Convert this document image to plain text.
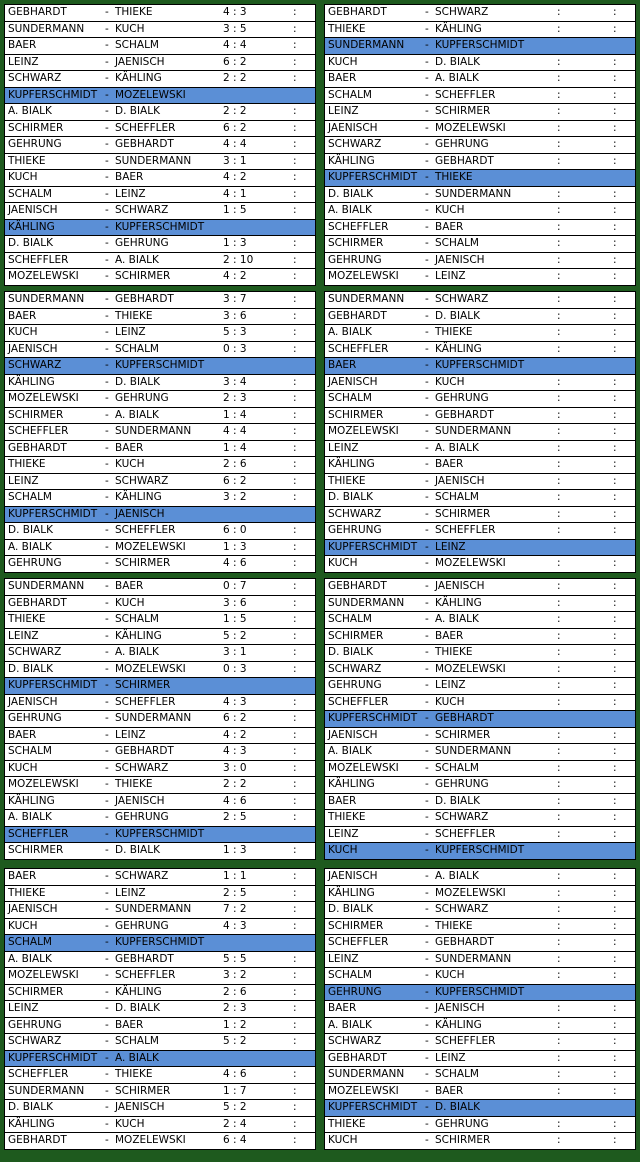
GEBHARDT	- THIEKE	4 : 3	:
SUNDERMANN - KUCH	3 : 5	:
BAER	- SCHALM	4 : 4	:
LEINZ	- JAENISCH	6 : 2	:
SCHWARZ	- KÄHLING	2 : 2	:
KUPFERSCHMIDT - MOZELEWSKI
A. BIALK	- D. BIALK	2 : 2	:
SCHIRMER	- SCHEFFLER	6 : 2	:
GEHRUNG	- GEBHARDT	4 : 4	:
THIEKE	- SUNDERMANN	3 : 1	:
KUCH	- BAER	4 : 2	:
SCHALM	- LEINZ	4 : 1	:
JAENISCH	- SCHWARZ	1 : 5	:
KÄHLING	- KUPFERSCHMIDT
D. BIALK	- GEHRUNG	1 : 3	:
SCHEFFLER	- A. BIALK	2 : 10	:
MOZELEWSKI	- SCHIRMER	4 : 2	:
GEBHARDT	- SCHWARZ	:	:
THIEKE	- KÄHLING	:	:
SUNDERMANN - KUPFERSCHMIDT
KUCH	- D. BIALK	:	:
BAER	- A. BIALK	:	:
SCHALM	- SCHEFFLER	:	:
LEINZ	- SCHIRMER	:	:
JAENISCH	- MOZELEWSKI	:	:
SCHWARZ	- GEHRUNG	:	:
KÄHLING	- GEBHARDT	:	:
KUPFERSCHMIDT - THIEKE
D. BIALK	- SUNDERMANN	:	:
A. BIALK	- KUCH	:	:
SCHEFFLER	- BAER	:	:
SCHIRMER	- SCHALM	:	:
GEHRUNG	- JAENISCH	:	:
MOZELEWSKI	- LEINZ	:	:
SUNDERMANN - GEBHARDT	3 : 7	:
BAER	- THIEKE	3 : 6	:
KUCH	- LEINZ	5 : 3	:
JAENISCH	- SCHALM	0 : 3	:
SCHWARZ	- KUPFERSCHMIDT
KÄHLING	- D. BIALK	3 : 4	:
MOZELEWSKI	- GEHRUNG	2 : 3	:
SCHIRMER	- A. BIALK	1 : 4	:
SCHEFFLER	- SUNDERMANN	4 : 4	:
GEBHARDT	- BAER	1 : 4	:
THIEKE	- KUCH	2 : 6	:
LEINZ	- SCHWARZ	6 : 2	:
SCHALM	- KÄHLING	3 : 2	:
KUPFERSCHMIDT - JAENISCH
D. BIALK	- SCHEFFLER	6 : 0	:
A. BIALK	- MOZELEWSKI	1 : 3	:
GEHRUNG	- SCHIRMER	4 : 6	:
SUNDERMANN - SCHWARZ	:	:
GEBHARDT	- D. BIALK	:	:
A. BIALK	- THIEKE	:	:
SCHEFFLER	- KÄHLING	:	:
BAER	- KUPFERSCHMIDT
JAENISCH	- KUCH	:	:
SCHALM	- GEHRUNG	:	:
SCHIRMER	- GEBHARDT	:	:
MOZELEWSKI	- SUNDERMANN	:	:
LEINZ	- A. BIALK	:	:
KÄHLING	- BAER	:	:
THIEKE	- JAENISCH	:	:
D. BIALK	- SCHALM	:	:
SCHWARZ	- SCHIRMER	:	:
GEHRUNG	- SCHEFFLER	:	:
KUPFERSCHMIDT - LEINZ
KUCH	- MOZELEWSKI	:	:
SUNDERMANN - BAER	0 : 7	:
GEBHARDT	- KUCH	3 : 6	:
THIEKE	- SCHALM	1 : 5	:
LEINZ	- KÄHLING	5 : 2	:
SCHWARZ	- A. BIALK	3 : 1	:
D. BIALK	- MOZELEWSKI	0 : 3	:
KUPFERSCHMIDT - SCHIRMER
JAENISCH	- SCHEFFLER	4 : 3	:
GEHRUNG	- SUNDERMANN	6 : 2	:
BAER	- LEINZ	4 : 2	:
SCHALM	- GEBHARDT	4 : 3	:
KUCH	- SCHWARZ	3 : 0	:
MOZELEWSKI	- THIEKE	2 : 2	:
KÄHLING	- JAENISCH	4 : 6	:
A. BIALK	- GEHRUNG	2 : 5	:
SCHEFFLER	- KUPFERSCHMIDT
SCHIRMER	- D. BIALK	1 : 3	:
GEBHARDT	- JAENISCH	:	:
SUNDERMANN - KÄHLING	:	:
SCHALM	- A. BIALK	:	:
SCHIRMER	- BAER	:	:
D. BIALK	- THIEKE	:	:
SCHWARZ	- MOZELEWSKI	:	:
GEHRUNG	- LEINZ	:	:
SCHEFFLER	- KUCH	:	:
KUPFERSCHMIDT - GEBHARDT
JAENISCH	- SCHIRMER	:	:
A. BIALK	- SUNDERMANN	:	:
MOZELEWSKI	- SCHALM	:	:
KÄHLING	- GEHRUNG	:	:
BAER	- D. BIALK	:	:
THIEKE	- SCHWARZ	:	:
LEINZ	- SCHEFFLER	:	:
KUCH	- KUPFERSCHMIDT
BAER	- SCHWARZ	1 : 1	:
THIEKE	- LEINZ	2 : 5	:
JAENISCH	- SUNDERMANN	7 : 2	:
KUCH	- GEHRUNG	4 : 3	:
SCHALM	- KUPFERSCHMIDT
A. BIALK	- GEBHARDT	5 : 5	:
MOZELEWSKI	- SCHEFFLER	3 : 2	:
SCHIRMER	- KÄHLING	2 : 6	:
LEINZ	- D. BIALK	2 : 3	:
GEHRUNG	- BAER	1 : 2	:
SCHWARZ	- SCHALM	5 : 2	:
KUPFERSCHMIDT - A. BIALK
SCHEFFLER	- THIEKE	4 : 6	:
SUNDERMANN - SCHIRMER	1 : 7	:
D. BIALK	- JAENISCH	5 : 2	:
KÄHLING	- KUCH	2 : 4	:
GEBHARDT	- MOZELEWSKI	6 : 4	:
JAENISCH	- A. BIALK	:	:
KÄHLING	- MOZELEWSKI	:	:
D. BIALK	- SCHWARZ	:	:
SCHIRMER	- THIEKE	:	:
SCHEFFLER	- GEBHARDT	:	:
LEINZ	- SUNDERMANN	:	:
SCHALM	- KUCH	:	:
GEHRUNG	- KUPFERSCHMIDT
BAER	- JAENISCH	:	:
A. BIALK	- KÄHLING	:	:
SCHWARZ	- SCHEFFLER	:	:
GEBHARDT	- LEINZ	:	:
SUNDERMANN - SCHALM	:	:
MOZELEWSKI	- BAER	:	:
KUPFERSCHMIDT - D. BIALK
THIEKE	- GEHRUNG	:	:
KUCH	- SCHIRMER	:	:
